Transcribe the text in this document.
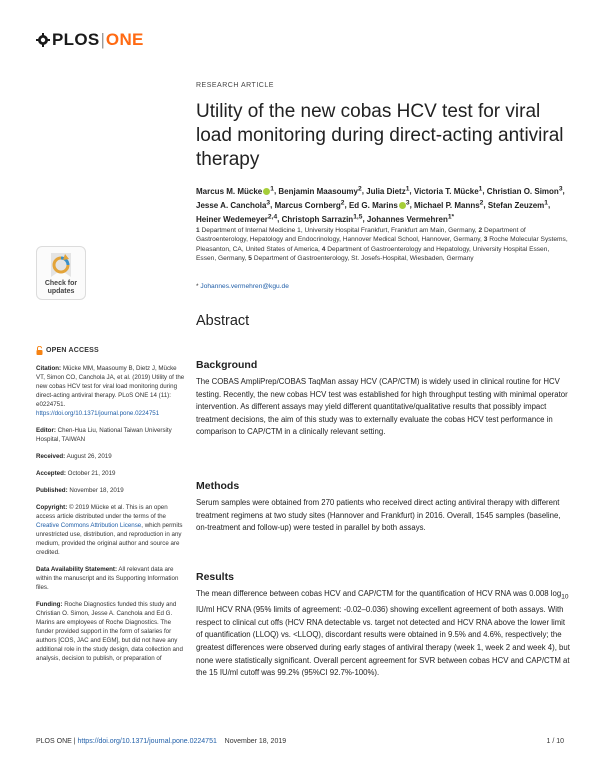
PLOS | ONE
RESEARCH ARTICLE
Utility of the new cobas HCV test for viral load monitoring during direct-acting antiviral therapy
Marcus M. Mücke $^1$, Benjamin Maasoumy$^2$, Julia Dietz$^1$, Victoria T. Mücke$^1$, Christian O. Simon$^3$, Jesse A. Canchola$^3$, Marcus Cornberg$^2$, Ed G. Marins $^3$, Michael P. Manns$^2$, Stefan Zeuzem$^1$, Heiner Wedemeyer$^{2,4}$, Christoph Sarrazin$^{1,5}$, Johannes Vermehren$^{1*}$
1 Department of Internal Medicine 1, University Hospital Frankfurt, Frankfurt am Main, Germany, 2 Department of Gastroenterology, Hepatology and Endocrinology, Hannover Medical School, Hannover, Germany, 3 Roche Molecular Systems, Pleasanton, CA, United States of America, 4 Department of Gastroenterology and Hepatology, University Hospital Essen, Essen, Germany, 5 Department of Gastroenterology, St. Josefs-Hospital, Wiesbaden, Germany
* Johannes.vermehren@kgu.de
Abstract
Background

The COBAS AmpliPrep/COBAS TaqMan assay HCV (CAP/CTM) is widely used in clinical routine for HCV testing. Recently, the new cobas HCV test was established for high throughput testing with minimal operator intervention. As different assays may yield different quantitative/qualitative results that possibly impact treatment decisions, the aim of this study was to externally evaluate the cobas HCV test performance in comparison to CAP/CTM in a clinically relevant setting.

Methods

Serum samples were obtained from 270 patients who received direct acting antiviral therapy with different treatment regimens at two study sites (Hannover and Frankfurt) in 2016. Overall, 1545 samples (baseline, on-treatment and follow-up) were tested in parallel by both assays.

Results

The mean difference between cobas HCV and CAP/CTM for the quantification of HCV RNA was 0.008 $\log_{10} IU/ml$ HCV RNA (95% limits of agreement: -0.02–0.036) showing excellent agreement of both assays. With respect to clinical cut offs (HCV RNA detectable vs. target not detected and HCV RNA above the lower limit of quantification (LLOQ) vs. <LLOQ), discordant results were obtained in 9.5% and 4.6%, respectively; the greatest differences were observed during early stages of antiviral therapy (week 1, week 2 and week 4), but none were statistically significant. Overall percent agreement for SVR between cobas HCV and CAP/CTM at the 15 IU/ml cutoff was 99.2% (95%CI 92.7%-100%).

Check for
updates
OPEN ACCESS
Citation: Mücke MM, Maasoumy B, Dietz J, Mücke VT, Simon CO, Canchola JA, et al. (2019) Utility of the new cobas HCV test for viral load monitoring during direct-acting antiviral therapy. PLoS ONE 14 (11): e0224751. https://doi.org/10.1371/journal.pone.0224751
Editor: Chen-Hua Liu, National Taiwan University Hospital, TAIWAN
Received: August 26, 2019
Accepted: October 21, 2019
Published: November 18, 2019
Copyright: © 2019 Mücke et al. This is an open access article distributed under the terms of the Creative Commons Attribution License, which permits unrestricted use, distribution, and reproduction in any medium, provided the original author and source are credited.
Data Availability Statement: All relevant data are within the manuscript and its Supporting Information files.
Funding: Roche Diagnostics funded this study and Christian O. Simon, Jesse A. Canchola and Ed G. Marins are employees of Roche Diagnostics. The funder provided support in the form of salaries for authors [COS, JAC and EGM], but did not have any additional role in the study design, data collection and analysis, decision to publish, or preparation of
PLOS ONE | https://doi.org/10.1371/journal.pone.0224751 November 18, 2019	1 / 10
